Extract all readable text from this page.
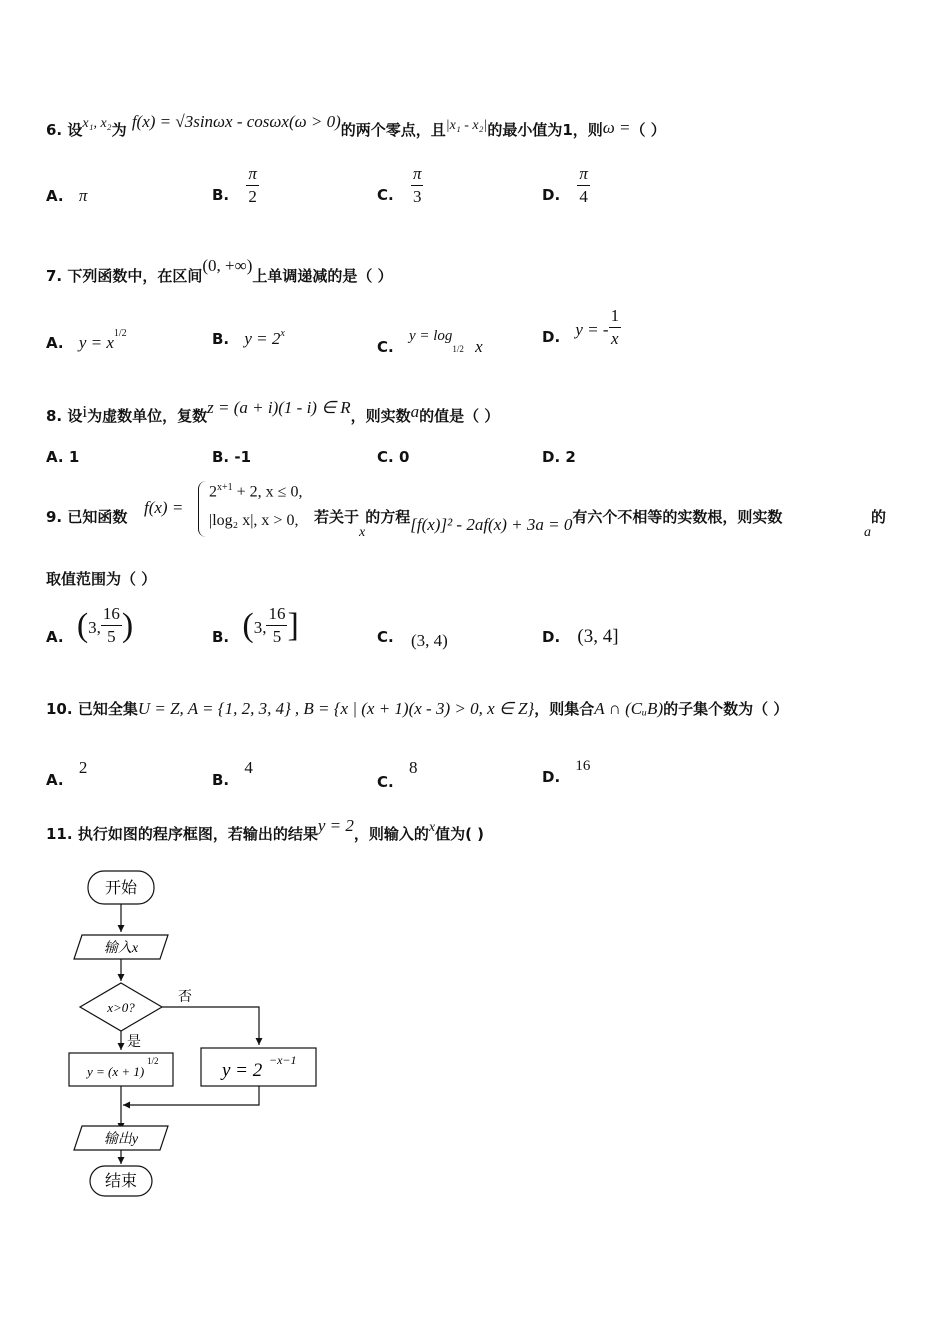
6. 设x₁, x₂为 f(x) = √3sinωx - cosωx(ω > 0)的两个零点，且|x₁ - x₂|的最小值为1，则ω =（ ）
A. π	B. $\frac{\pi}{2}$	C. $\frac{\pi}{3}$	D. $\frac{\pi}{4}$
7. 下列函数中，在区间(0, +∞)上单调递减的是（ ）
A. $y = x^{1/2}$	B. $y = 2^x$
C. y = log1/2 x	D. y = - $\frac{1}{x}$
8. 设i为虚数单位，复数z = (a + i)(1 - i) ∈ R，则实数a的值是（ ）
A. 1	B. -1	C. 0	D. 2
9. 已知函数 f(x) =
$2^{x+1} + 2$, x ≤ 0,
|log₂ x|, x > 0, 若关于x的方程[f(x)]² - 2af(x) + 3a = 0有六个不相等的实数根，则实数
a的
取值范围为（ ）
A. (3, $\frac{16}{5}$ )	B. (3, $\frac{16}{5}$ ]	C. (3, 4)	D. (3, 4]
10. 已知全集U = Z, A = {1, 2, 3, 4} , B = {x | (x + 1)(x - 3) > 0, x ∈ Z}，则集合A ∩ (CᵤB)的子集个数为（ ）
A. 2
B. 4
C. 8	D. 16
11. 执行如图的程序框图，若输出的结果y = 2，则输入的x值为( )
开始
输入x
x>0?
否
是
y = (x + 1)
1/2	y = 2 −x−1
输出y
结束
